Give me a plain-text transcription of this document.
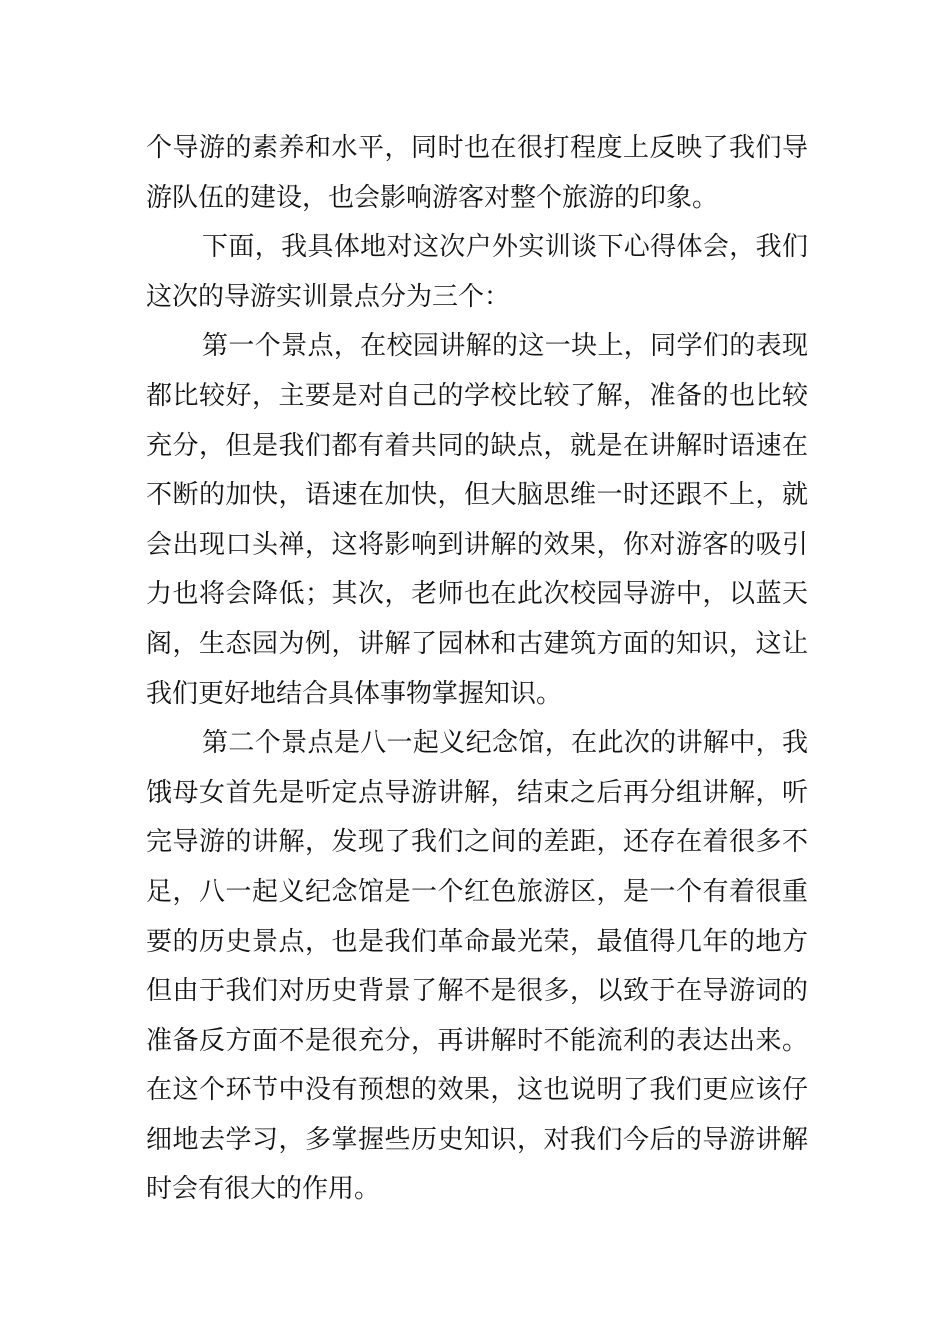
个导游的素养和水平，同时也在很打程度上反映了我们导游队伍的建设，也会影响游客对整个旅游的印象。

下面，我具体地对这次户外实训谈下心得体会，我们这次的导游实训景点分为三个：

第一个景点，在校园讲解的这一块上，同学们的表现都比较好，主要是对自己的学校比较了解，准备的也比较充分，但是我们都有着共同的缺点，就是在讲解时语速在不断的加快，语速在加快，但大脑思维一时还跟不上，就会出现口头禅，这将影响到讲解的效果，你对游客的吸引力也将会降低；其次，老师也在此次校园导游中，以蓝天阁，生态园为例，讲解了园林和古建筑方面的知识，这让我们更好地结合具体事物掌握知识。

第二个景点是八一起义纪念馆，在此次的讲解中，我饿母女首先是听定点导游讲解，结束之后再分组讲解，听完导游的讲解，发现了我们之间的差距，还存在着很多不足，八一起义纪念馆是一个红色旅游区，是一个有着很重要的历史景点，也是我们革命最光荣，最值得几年的地方但由于我们对历史背景了解不是很多，以致于在导游词的准备反方面不是很充分，再讲解时不能流利的表达出来。在这个环节中没有预想的效果，这也说明了我们更应该仔细地去学习，多掌握些历史知识，对我们今后的导游讲解时会有很大的作用。
